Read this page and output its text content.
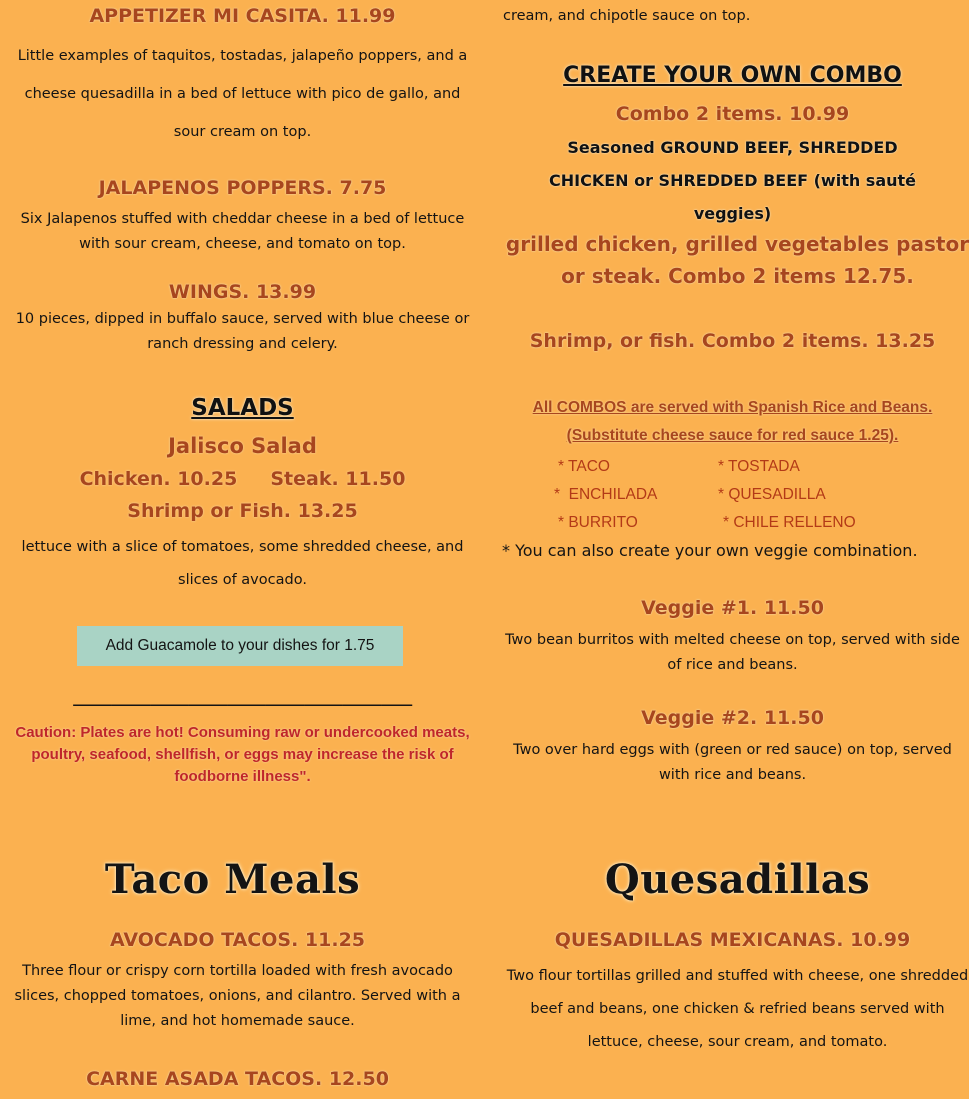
APPETIZER MI CASITA. 11.99

Little examples of taquitos, tostadas, jalapeño poppers, and a cheese quesadilla in a bed of lettuce with pico de gallo, and sour cream on top.

JALAPENOS POPPERS. 7.75

Six Jalapenos stuffed with cheddar cheese in a bed of lettuce with sour cream, cheese, and tomato on top.

WINGS. 13.99

10 pieces, dipped in buffalo sauce, served with blue cheese or ranch dressing and celery.

SALADS

Jalisco Salad

Chicken. 10.25     Steak. 11.50

Shrimp or Fish. 13.25

lettuce with a slice of tomatoes, some shredded cheese, and slices of avocado.

Add Guacamole to your dishes for 1.75
____________________________________________

Caution: Plates are hot! Consuming raw or undercooked meats, poultry, seafood, shellfish, or eggs may increase the risk of foodborne illness".

Taco Meals

AVOCADO TACOS. 11.25

Three flour or crispy corn tortilla loaded with fresh avocado slices, chopped tomatoes, onions, and cilantro. Served with a lime, and hot homemade sauce.

CARNE ASADA TACOS. 12.50

cream, and chipotle sauce on top.

CREATE YOUR OWN COMBO

Combo 2 items. 10.99

Seasoned GROUND BEEF, SHREDDED CHICKEN or SHREDDED BEEF (with sauté veggies)

grilled chicken, grilled vegetables pastor or steak. Combo 2 items 12.75.

Shrimp, or fish. Combo 2 items. 13.25

All COMBOS are served with Spanish Rice and Beans.

(Substitute cheese sauce for red sauce 1.25).

* TACO	* TOSTADA
*  ENCHILADA	* QUESADILLA
* BURRITO	* CHILE RELLENO

* You can also create your own veggie combination.

Veggie #1. 11.50

Two bean burritos with melted cheese on top, served with side of rice and beans.

Veggie #2. 11.50

Two over hard eggs with (green or red sauce) on top, served with rice and beans.

Quesadillas

QUESADILLAS MEXICANAS. 10.99

Two flour tortillas grilled and stuffed with cheese, one shredded beef and beans, one chicken & refried beans served with lettuce, cheese, sour cream, and tomato.
